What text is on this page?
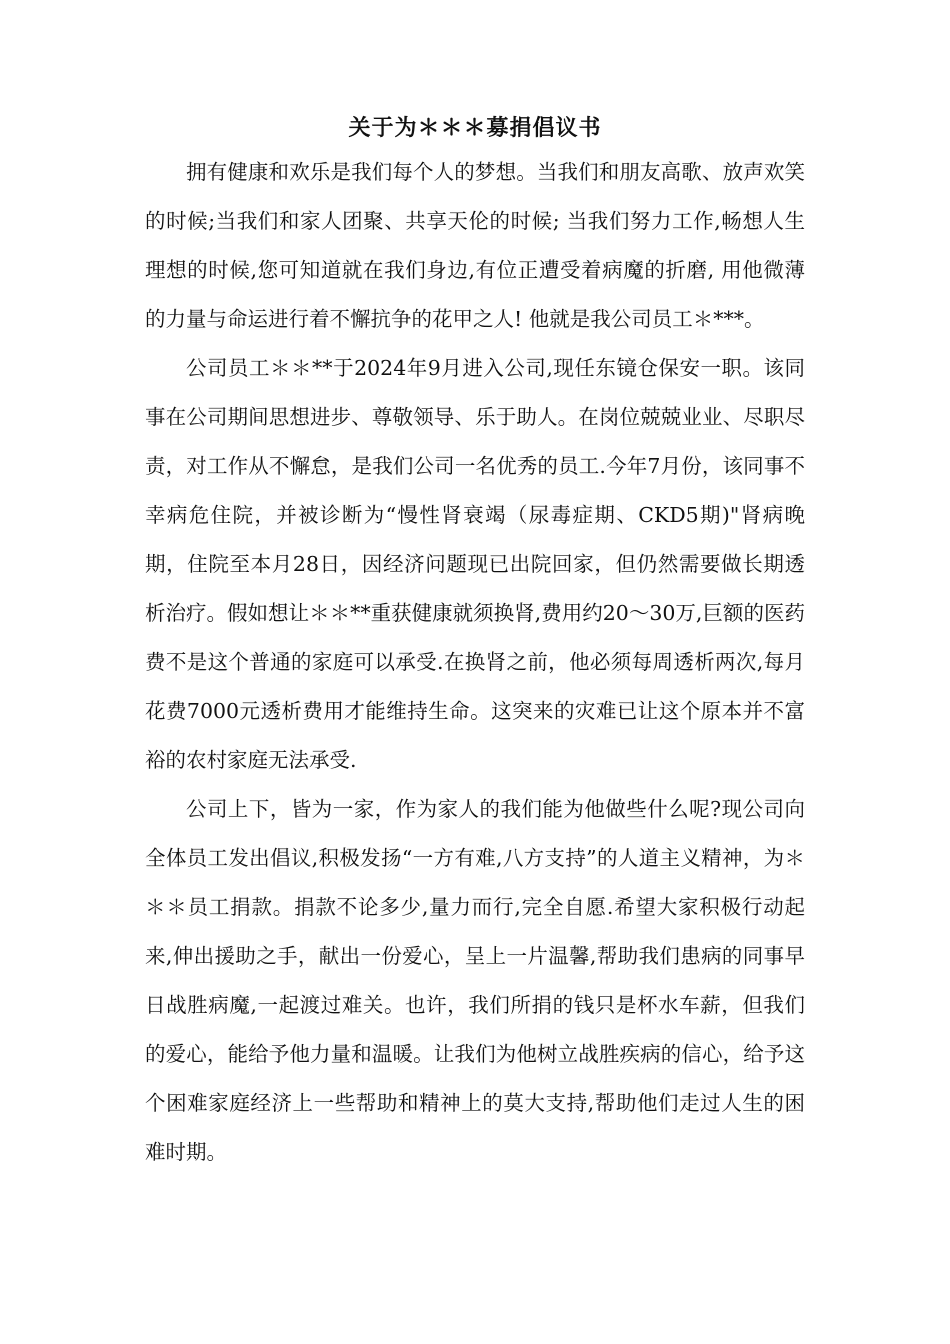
关于为＊＊＊募捐倡议书

拥有健康和欢乐是我们每个人的梦想。当我们和朋友高歌、放声欢笑的时候;当我们和家人团聚、共享天伦的时候; 当我们努力工作,畅想人生理想的时候,您可知道就在我们身边,有位正遭受着病魔的折磨, 用他微薄的力量与命运进行着不懈抗争的花甲之人! 他就是我公司员工＊***。

公司员工＊＊**于2024年9月进入公司,现任东镜仓保安一职。该同事在公司期间思想进步、尊敬领导、乐于助人。在岗位兢兢业业、尽职尽责，对工作从不懈怠，是我们公司一名优秀的员工.今年7月份，该同事不幸病危住院，并被诊断为“慢性肾衰竭（尿毒症期、CKD5期)"肾病晚期，住院至本月28日，因经济问题现已出院回家，但仍然需要做长期透析治疗。假如想让＊＊**重获健康就须换肾,费用约20～30万,巨额的医药费不是这个普通的家庭可以承受.在换肾之前，他必须每周透析两次,每月花费7000元透析费用才能维持生命。这突来的灾难已让这个原本并不富裕的农村家庭无法承受.

公司上下，皆为一家，作为家人的我们能为他做些什么呢?现公司向全体员工发出倡议,积极发扬“一方有难,八方支持”的人道主义精神，为＊＊＊员工捐款。捐款不论多少,量力而行,完全自愿.希望大家积极行动起来,伸出援助之手，献出一份爱心，呈上一片温馨,帮助我们患病的同事早日战胜病魔,一起渡过难关。也许，我们所捐的钱只是杯水车薪，但我们的爱心，能给予他力量和温暖。让我们为他树立战胜疾病的信心，给予这个困难家庭经济上一些帮助和精神上的莫大支持,帮助他们走过人生的困难时期。
